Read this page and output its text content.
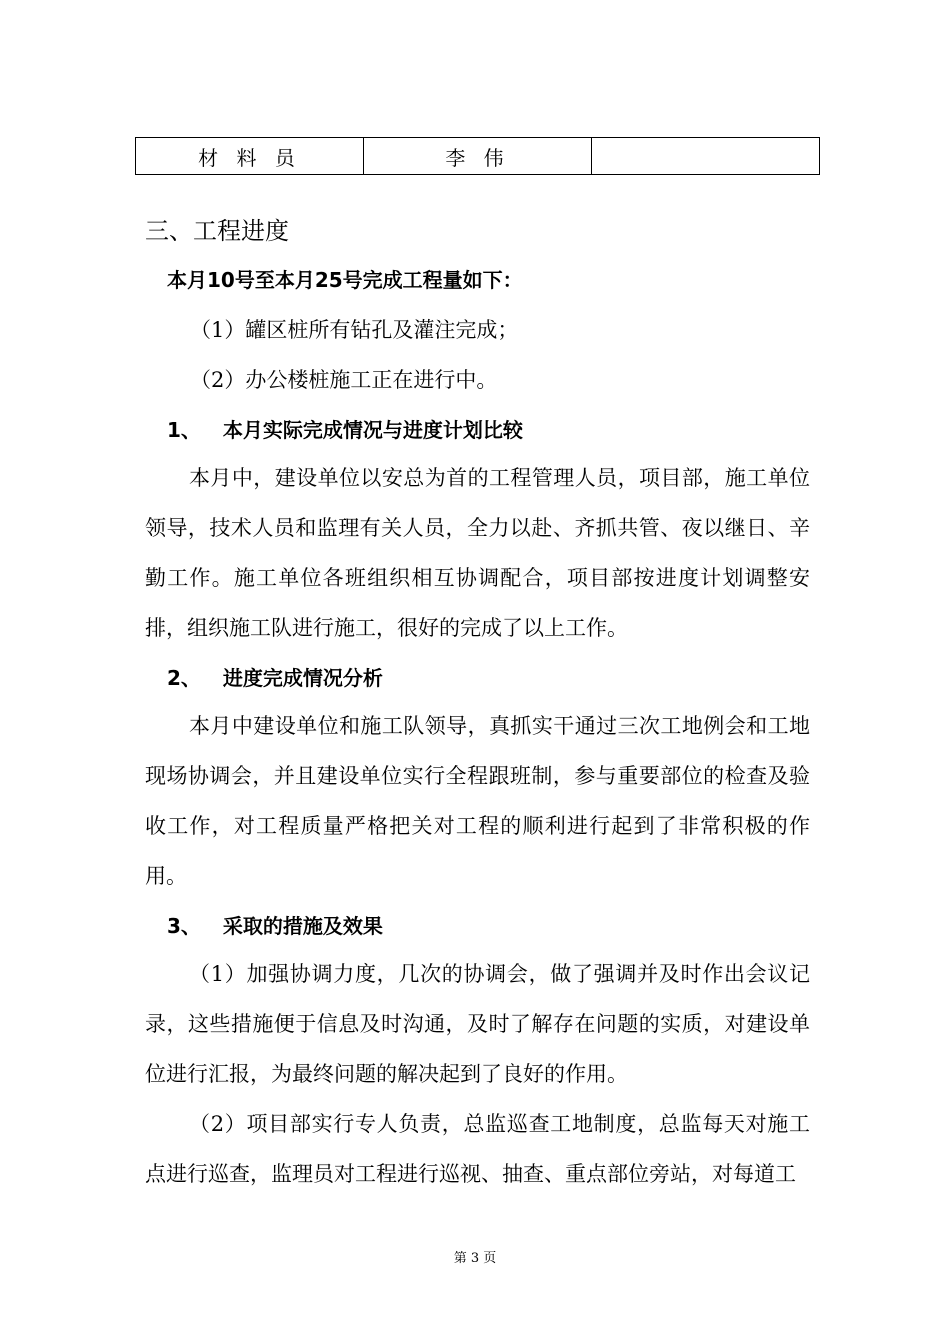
材 料 员	李 伟	
三、工程进度

本月10号至本月25号完成工程量如下：

（1）罐区桩所有钻孔及灌注完成；

（2）办公楼桩施工正在进行中。

1、 本月实际完成情况与进度计划比较

本月中，建设单位以安总为首的工程管理人员，项目部，施工单位领导，技术人员和监理有关人员，全力以赴、齐抓共管、夜以继日、辛勤工作。施工单位各班组织相互协调配合，项目部按进度计划调整安排，组织施工队进行施工，很好的完成了以上工作。

2、 进度完成情况分析

本月中建设单位和施工队领导，真抓实干通过三次工地例会和工地现场协调会，并且建设单位实行全程跟班制，参与重要部位的检查及验收工作，对工程质量严格把关对工程的顺利进行起到了非常积极的作用。

3、 采取的措施及效果

（1）加强协调力度，几次的协调会，做了强调并及时作出会议记录，这些措施便于信息及时沟通，及时了解存在问题的实质，对建设单位进行汇报，为最终问题的解决起到了良好的作用。

（2）项目部实行专人负责，总监巡查工地制度，总监每天对施工点进行巡查，监理员对工程进行巡视、抽查、重点部位旁站，对每道工

第 3 页
